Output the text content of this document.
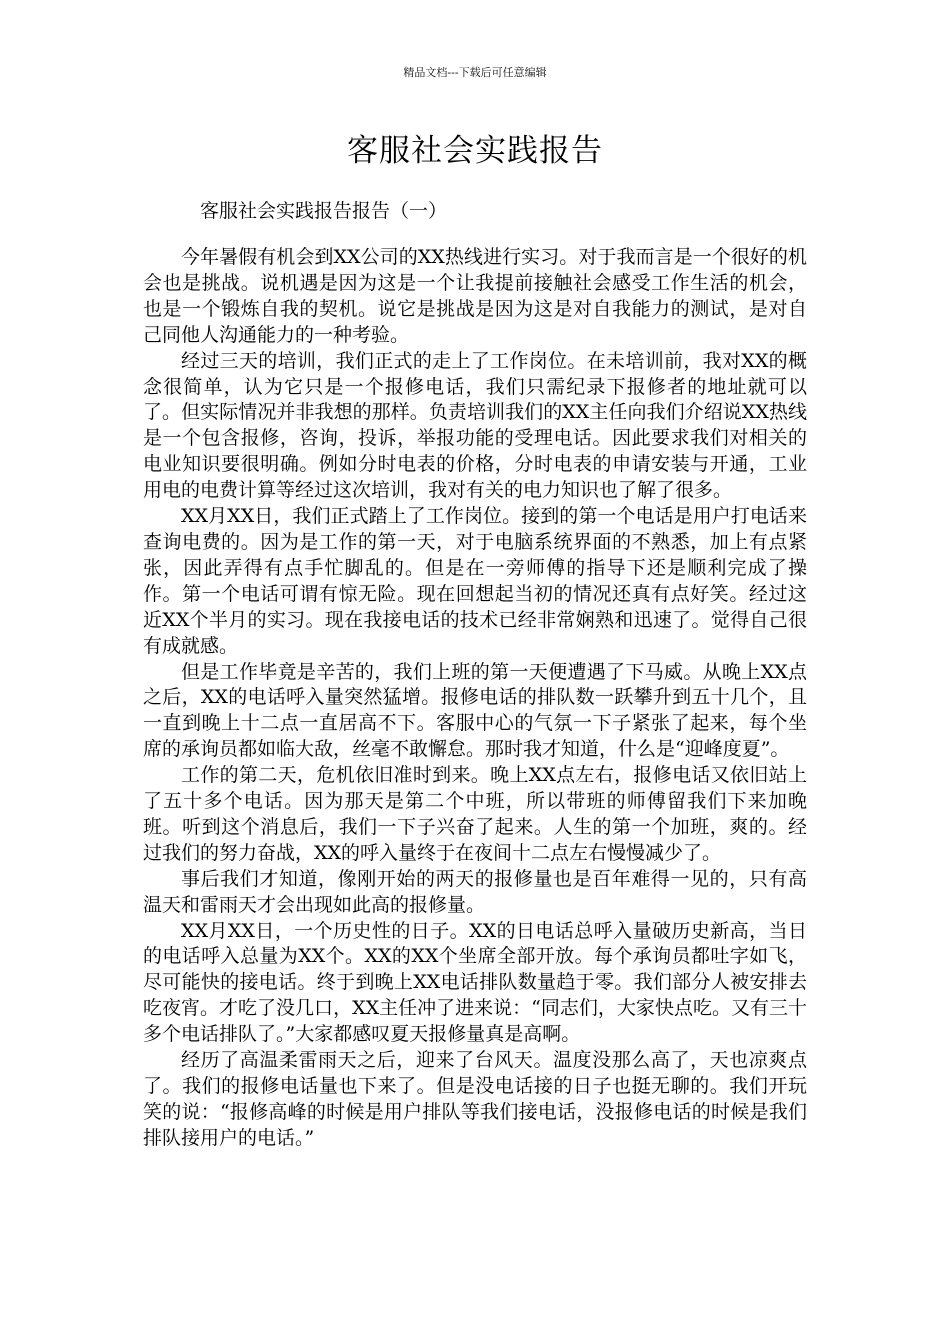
精品文档---下载后可任意编辑
客服社会实践报告
客服社会实践报告报告（一）

今年暑假有机会到XX公司的XX热线进行实习。对于我而言是一个很好的机会也是挑战。说机遇是因为这是一个让我提前接触社会感受工作生活的机会，也是一个锻炼自我的契机。说它是挑战是因为这是对自我能力的测试，是对自己同他人沟通能力的一种考验。

经过三天的培训，我们正式的走上了工作岗位。在未培训前，我对XX的概念很简单，认为它只是一个报修电话，我们只需纪录下报修者的地址就可以了。但实际情况并非我想的那样。负责培训我们的XX主任向我们介绍说XX热线是一个包含报修，咨询，投诉，举报功能的受理电话。因此要求我们对相关的电业知识要很明确。例如分时电表的价格，分时电表的申请安装与开通，工业用电的电费计算等经过这次培训，我对有关的电力知识也了解了很多。

XX月XX日，我们正式踏上了工作岗位。接到的第一个电话是用户打电话来查询电费的。因为是工作的第一天，对于电脑系统界面的不熟悉，加上有点紧张，因此弄得有点手忙脚乱的。但是在一旁师傅的指导下还是顺利完成了操作。第一个电话可谓有惊无险。现在回想起当初的情况还真有点好笑。经过这近XX个半月的实习。现在我接电话的技术已经非常娴熟和迅速了。觉得自己很有成就感。

但是工作毕竟是辛苦的，我们上班的第一天便遭遇了下马威。从晚上XX点之后，XX的电话呼入量突然猛增。报修电话的排队数一跃攀升到五十几个，且一直到晚上十二点一直居高不下。客服中心的气氛一下子紧张了起来，每个坐席的承询员都如临大敌，丝毫不敢懈怠。那时我才知道，什么是“迎峰度夏”。

工作的第二天，危机依旧准时到来。晚上XX点左右，报修电话又依旧站上了五十多个电话。因为那天是第二个中班，所以带班的师傅留我们下来加晚班。听到这个消息后，我们一下子兴奋了起来。人生的第一个加班，爽的。经过我们的努力奋战，XX的呼入量终于在夜间十二点左右慢慢减少了。

事后我们才知道，像刚开始的两天的报修量也是百年难得一见的，只有高温天和雷雨天才会出现如此高的报修量。

XX月XX日，一个历史性的日子。XX的日电话总呼入量破历史新高，当日的电话呼入总量为XX个。XX的XX个坐席全部开放。每个承询员都吐字如飞，尽可能快的接电话。终于到晚上XX电话排队数量趋于零。我们部分人被安排去吃夜宵。才吃了没几口，XX主任冲了进来说：“同志们，大家快点吃。又有三十多个电话排队了。”大家都感叹夏天报修量真是高啊。

经历了高温柔雷雨天之后，迎来了台风天。温度没那么高了，天也凉爽点了。我们的报修电话量也下来了。但是没电话接的日子也挺无聊的。我们开玩笑的说：“报修高峰的时候是用户排队等我们接电话，没报修电话的时候是我们排队接用户的电话。”
